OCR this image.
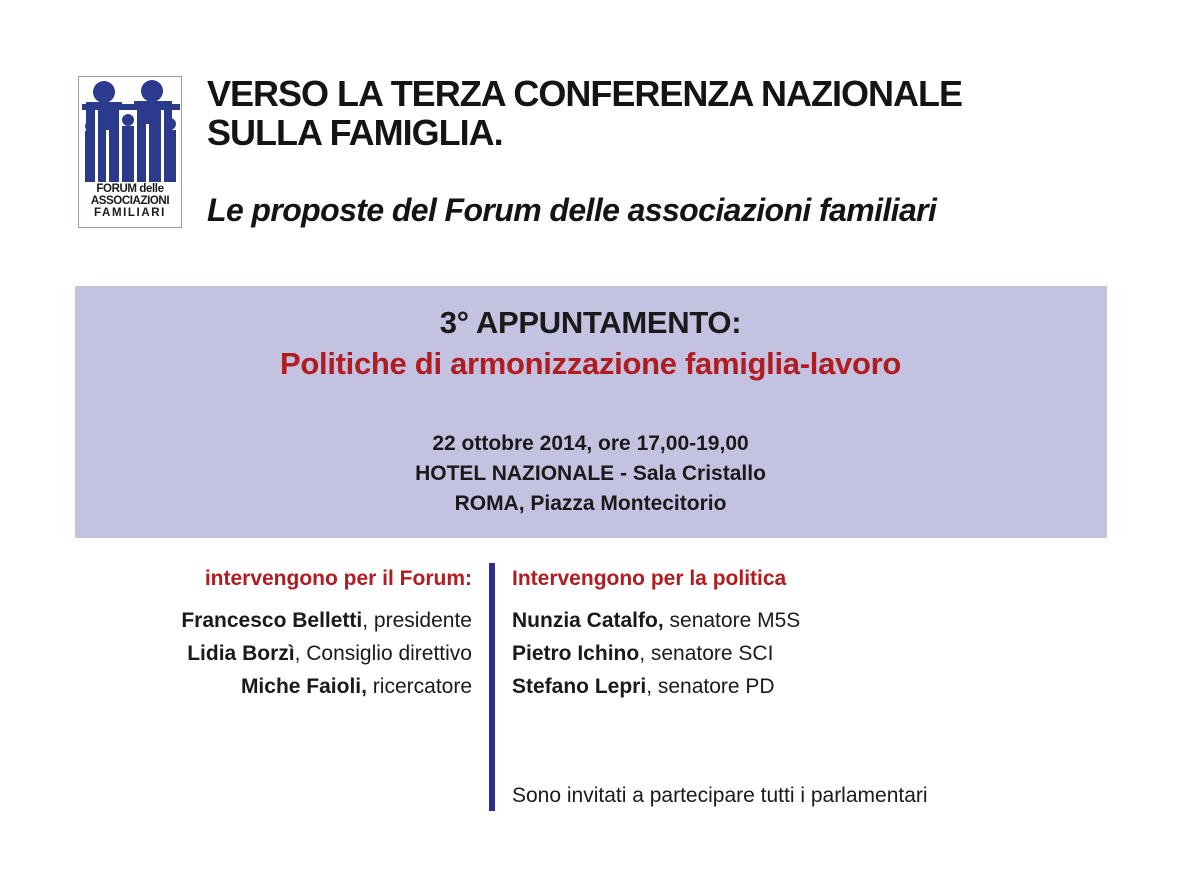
FORUM delle
ASSOCIAZIONI
FAMILIARI
VERSO LA TERZA CONFERENZA NAZIONALE
SULLA FAMIGLIA.
Le proposte del Forum delle associazioni familiari
3° APPUNTAMENTO:
Politiche di armonizzazione famiglia-lavoro
22 ottobre 2014, ore 17,00-19,00
HOTEL NAZIONALE - Sala Cristallo
ROMA, Piazza Montecitorio
intervengono per il Forum:
Francesco Belletti, presidente
Lidia Borzì, Consiglio direttivo
Miche Faioli, ricercatore
Intervengono per la politica
Nunzia Catalfo, senatore M5S
Pietro Ichino, senatore SCI
Stefano Lepri, senatore PD
Sono invitati a partecipare tutti i parlamentari
